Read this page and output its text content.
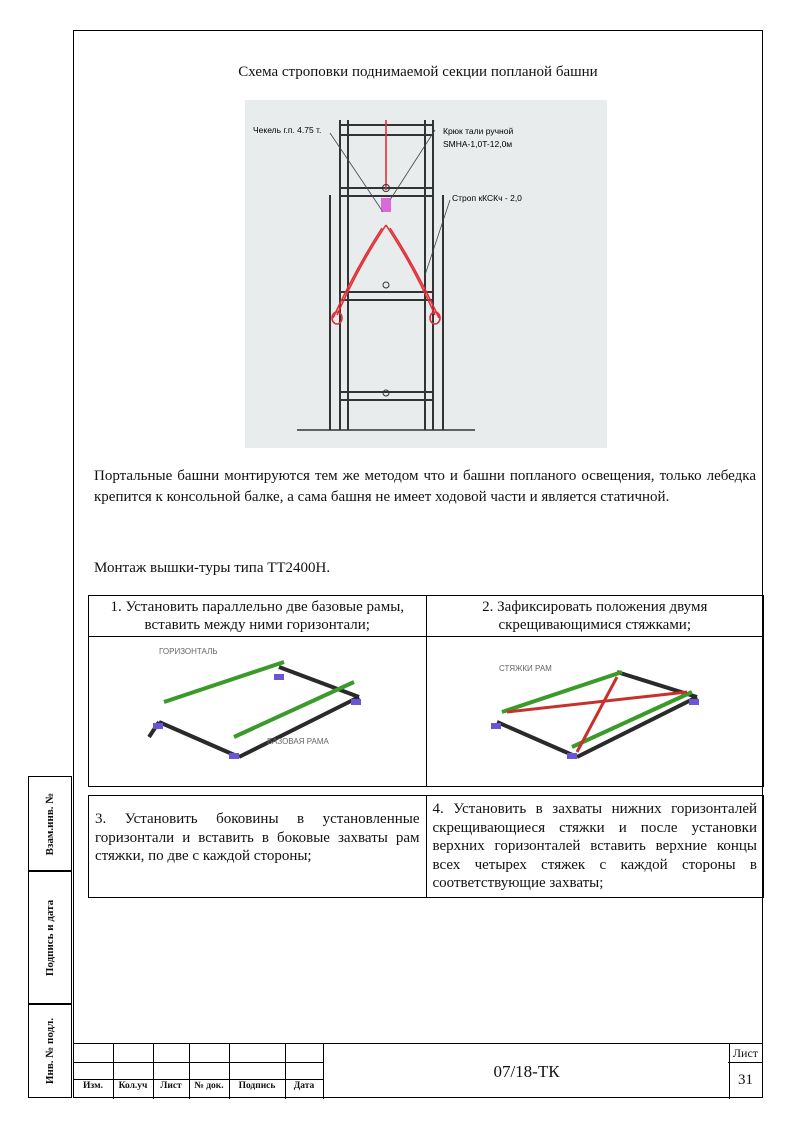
Схема строповки поднимаемой секции попланой башни
Чекель г.п. 4.75 т.	Крюк тали ручной
SMHA-1,0T-12,0м
Строп кКСКч - 2,0
Портальные башни монтируются тем же методом что и башни попланого освещения, только лебедка крепится к консольной балке, а сама башня не имеет ходовой части и является статичной.
Монтаж вышки-туры типа ТТ2400Н.
1. Установить параллельно две базовые рамы, вставить между ними горизонтали;	2. Зафиксировать положения двумя скрещивающимися стяжками;

ГОРИЗОНТАЛЬ
БАЗОВАЯ РАМА	СТЯЖКИ РАМ
3. Установить боковины в установленные горизонтали и вставить в боковые захваты рам стяжки, по две с каждой стороны;	4. Установить в захваты нижних горизонталей скрещивающиеся стяжки и после установки верхних горизонталей вставить верхние концы всех четырех стяжек с каждой стороны в соответствующие захваты;
Взам.инв. №
Подпись и дата
Инв. № подл.
Изм.	Кол.уч	Лист	№ док.	Подпись	Дата
07/18-ТК
Лист
31
